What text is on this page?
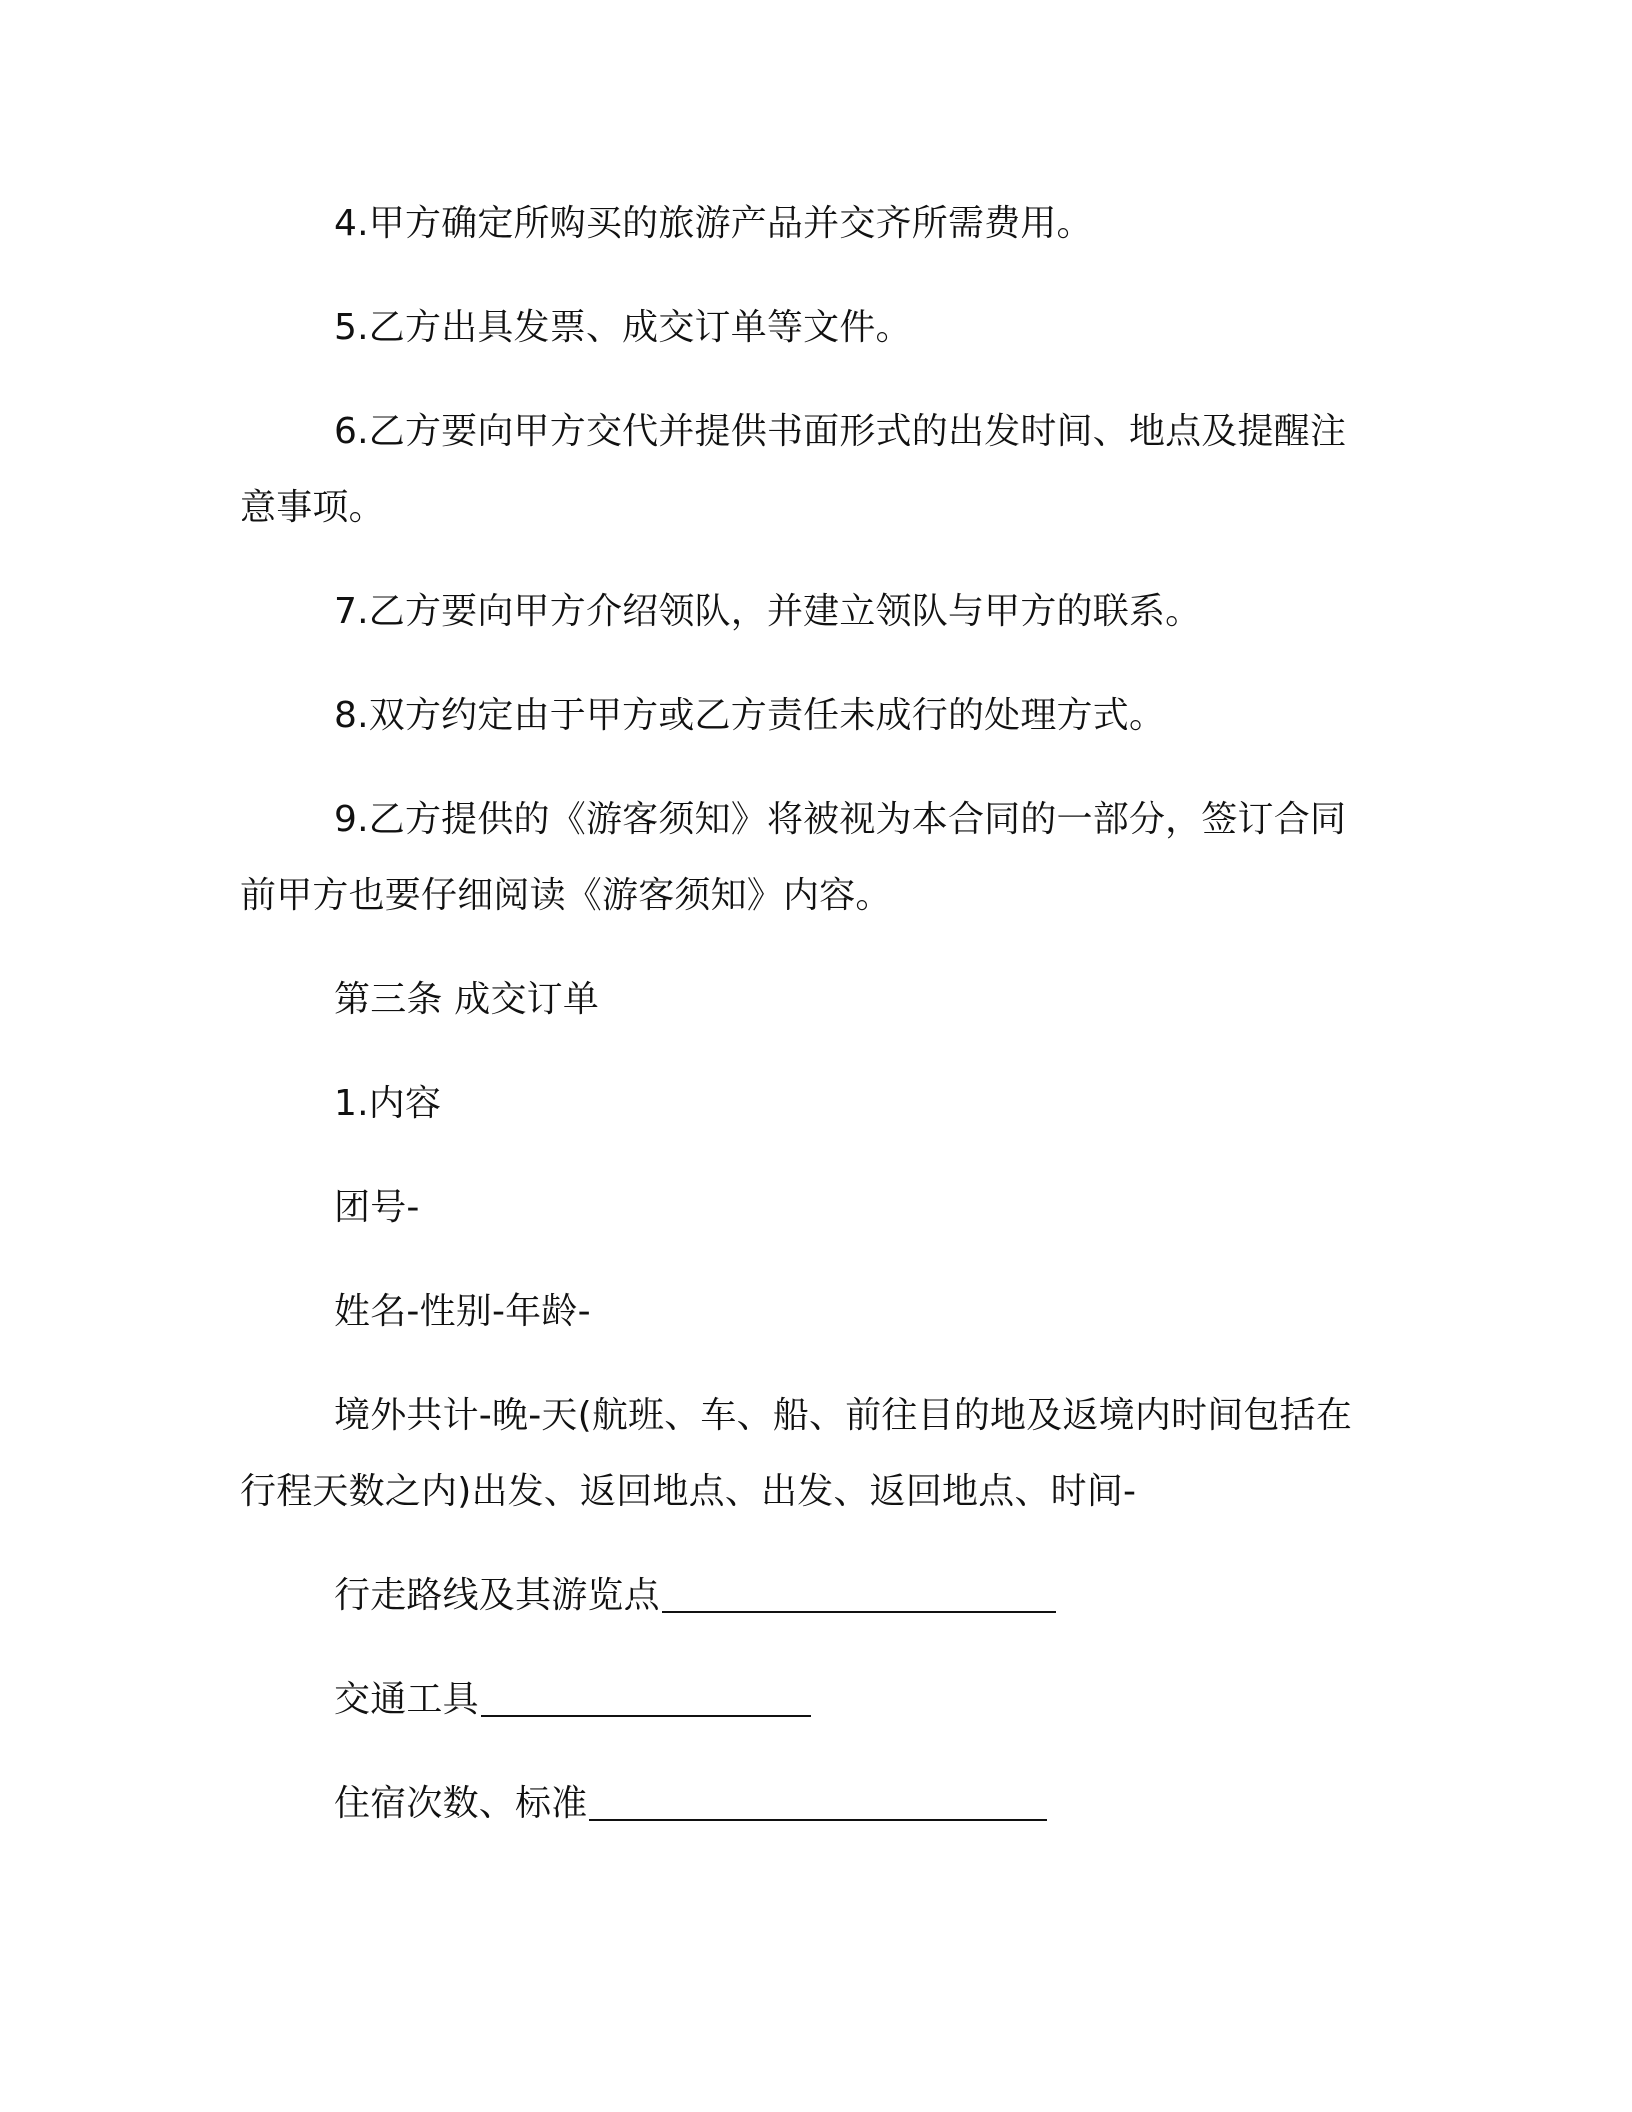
4.甲方确定所购买的旅游产品并交齐所需费用。

5.乙方出具发票、成交订单等文件。

6.乙方要向甲方交代并提供书面形式的出发时间、地点及提醒注意事项。

7.乙方要向甲方介绍领队，并建立领队与甲方的联系。

8.双方约定由于甲方或乙方责任未成行的处理方式。

9.乙方提供的《游客须知》将被视为本合同的一部分，签订合同前甲方也要仔细阅读《游客须知》内容。

第三条 成交订单

1.内容

团号-

姓名-性别-年龄-

境外共计-晚-天(航班、车、船、前往目的地及返境内时间包括在行程天数之内)出发、返回地点、出发、返回地点、时间-

行走路线及其游览点

交通工具

住宿次数、标准
